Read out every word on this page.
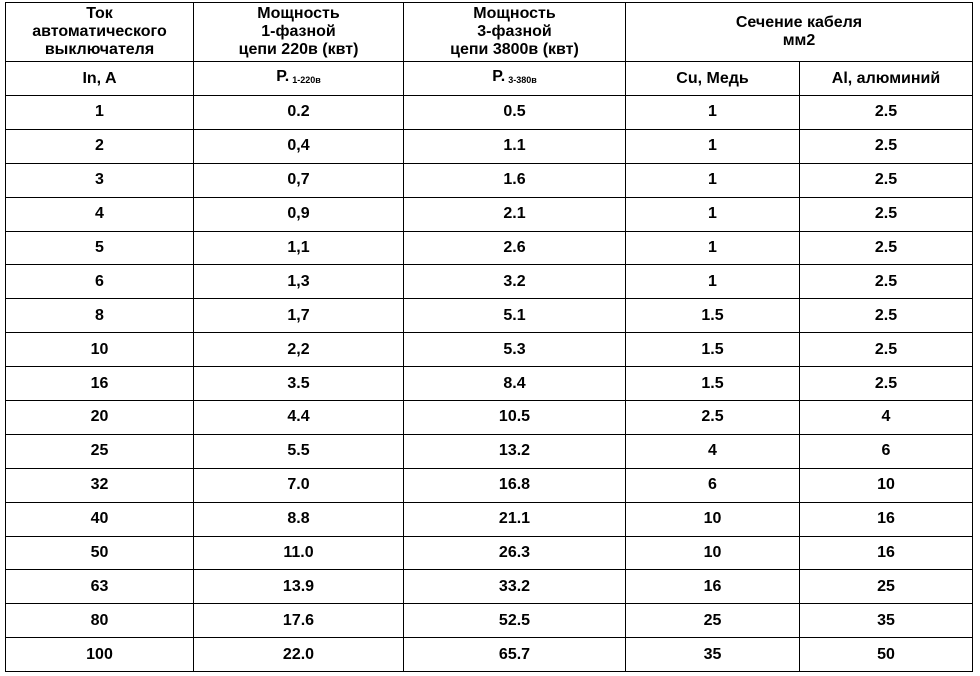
Ток
автоматического
выключателя	Мощность
1-фазной
цепи 220в (квт)	Мощность
3-фазной
цепи 3800в (квт)	Сечение кабеля
мм2	

In, A	P. $_{1-220в}$	P. $_{3-380в}$	Cu, Медь	Al, алюминий
1	0.2	0.5	1	2.5
2	0,4	1.1	1	2.5
3	0,7	1.6	1	2.5
4	0,9	2.1	1	2.5
5	1,1	2.6	1	2.5
6	1,3	3.2	1	2.5
8	1,7	5.1	1.5	2.5
10	2,2	5.3	1.5	2.5
16	3.5	8.4	1.5	2.5
20	4.4	10.5	2.5	4
25	5.5	13.2	4	6
32	7.0	16.8	6	10
40	8.8	21.1	10	16
50	11.0	26.3	10	16
63	13.9	33.2	16	25
80	17.6	52.5	25	35
100	22.0	65.7	35	50
